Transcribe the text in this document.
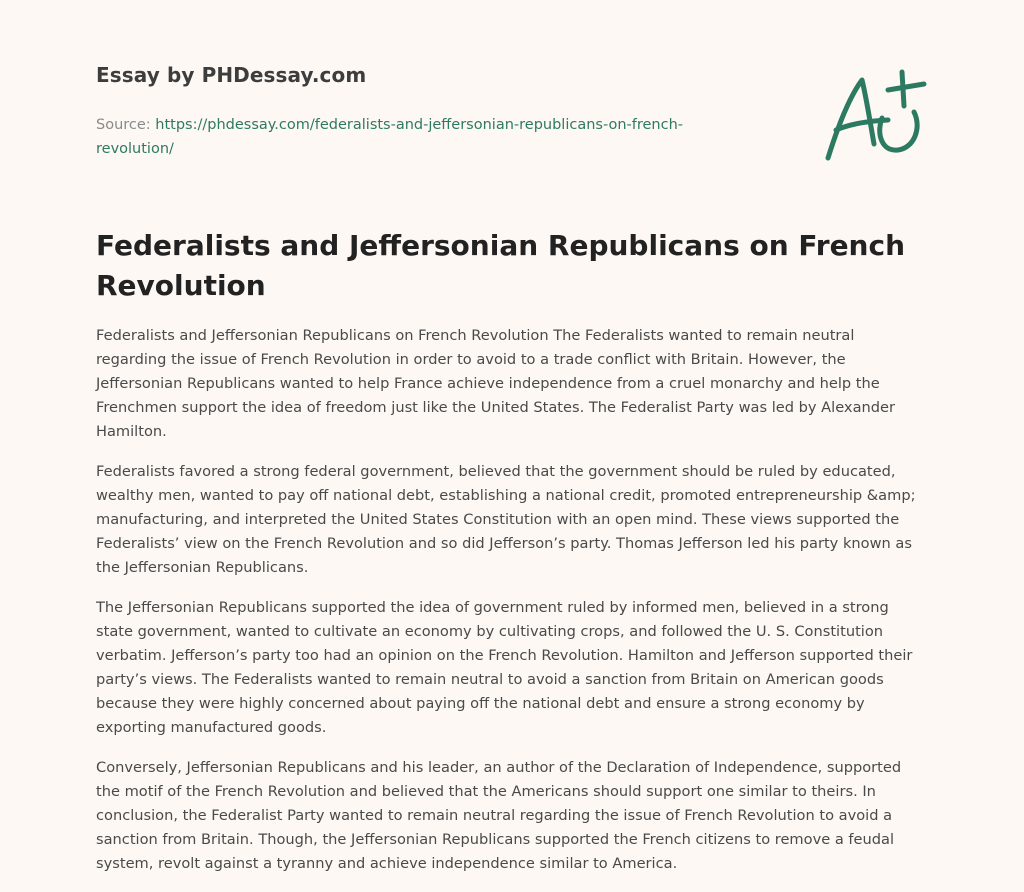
Essay by PHDessay.com

Source: https://phdessay.com/federalists-and-jeffersonian-republicans-on-french-revolution/
Federalists and Jeffersonian Republicans on French Revolution

Federalists and Jeffersonian Republicans on French Revolution The Federalists wanted to remain neutral regarding the issue of French Revolution in order to avoid to a trade conflict with Britain. However, the Jeffersonian Republicans wanted to help France achieve independence from a cruel monarchy and help the Frenchmen support the idea of freedom just like the United States. The Federalist Party was led by Alexander Hamilton.

Federalists favored a strong federal government, believed that the government should be ruled by educated, wealthy men, wanted to pay off national debt, establishing a national credit, promoted entrepreneurship &amp; manufacturing, and interpreted the United States Constitution with an open mind. These views supported the Federalists’ view on the French Revolution and so did Jefferson’s party. Thomas Jefferson led his party known as the Jeffersonian Republicans.

The Jeffersonian Republicans supported the idea of government ruled by informed men, believed in a strong state government, wanted to cultivate an economy by cultivating crops, and followed the U. S. Constitution verbatim. Jefferson’s party too had an opinion on the French Revolution. Hamilton and Jefferson supported their party’s views. The Federalists wanted to remain neutral to avoid a sanction from Britain on American goods because they were highly concerned about paying off the national debt and ensure a strong economy by exporting manufactured goods.

Conversely, Jeffersonian Republicans and his leader, an author of the Declaration of Independence, supported the motif of the French Revolution and believed that the Americans should support one similar to theirs. In conclusion, the Federalist Party wanted to remain neutral regarding the issue of French Revolution to avoid a sanction from Britain. Though, the Jeffersonian Republicans supported the French citizens to remove a feudal system, revolt against a tyranny and achieve independence similar to America.
